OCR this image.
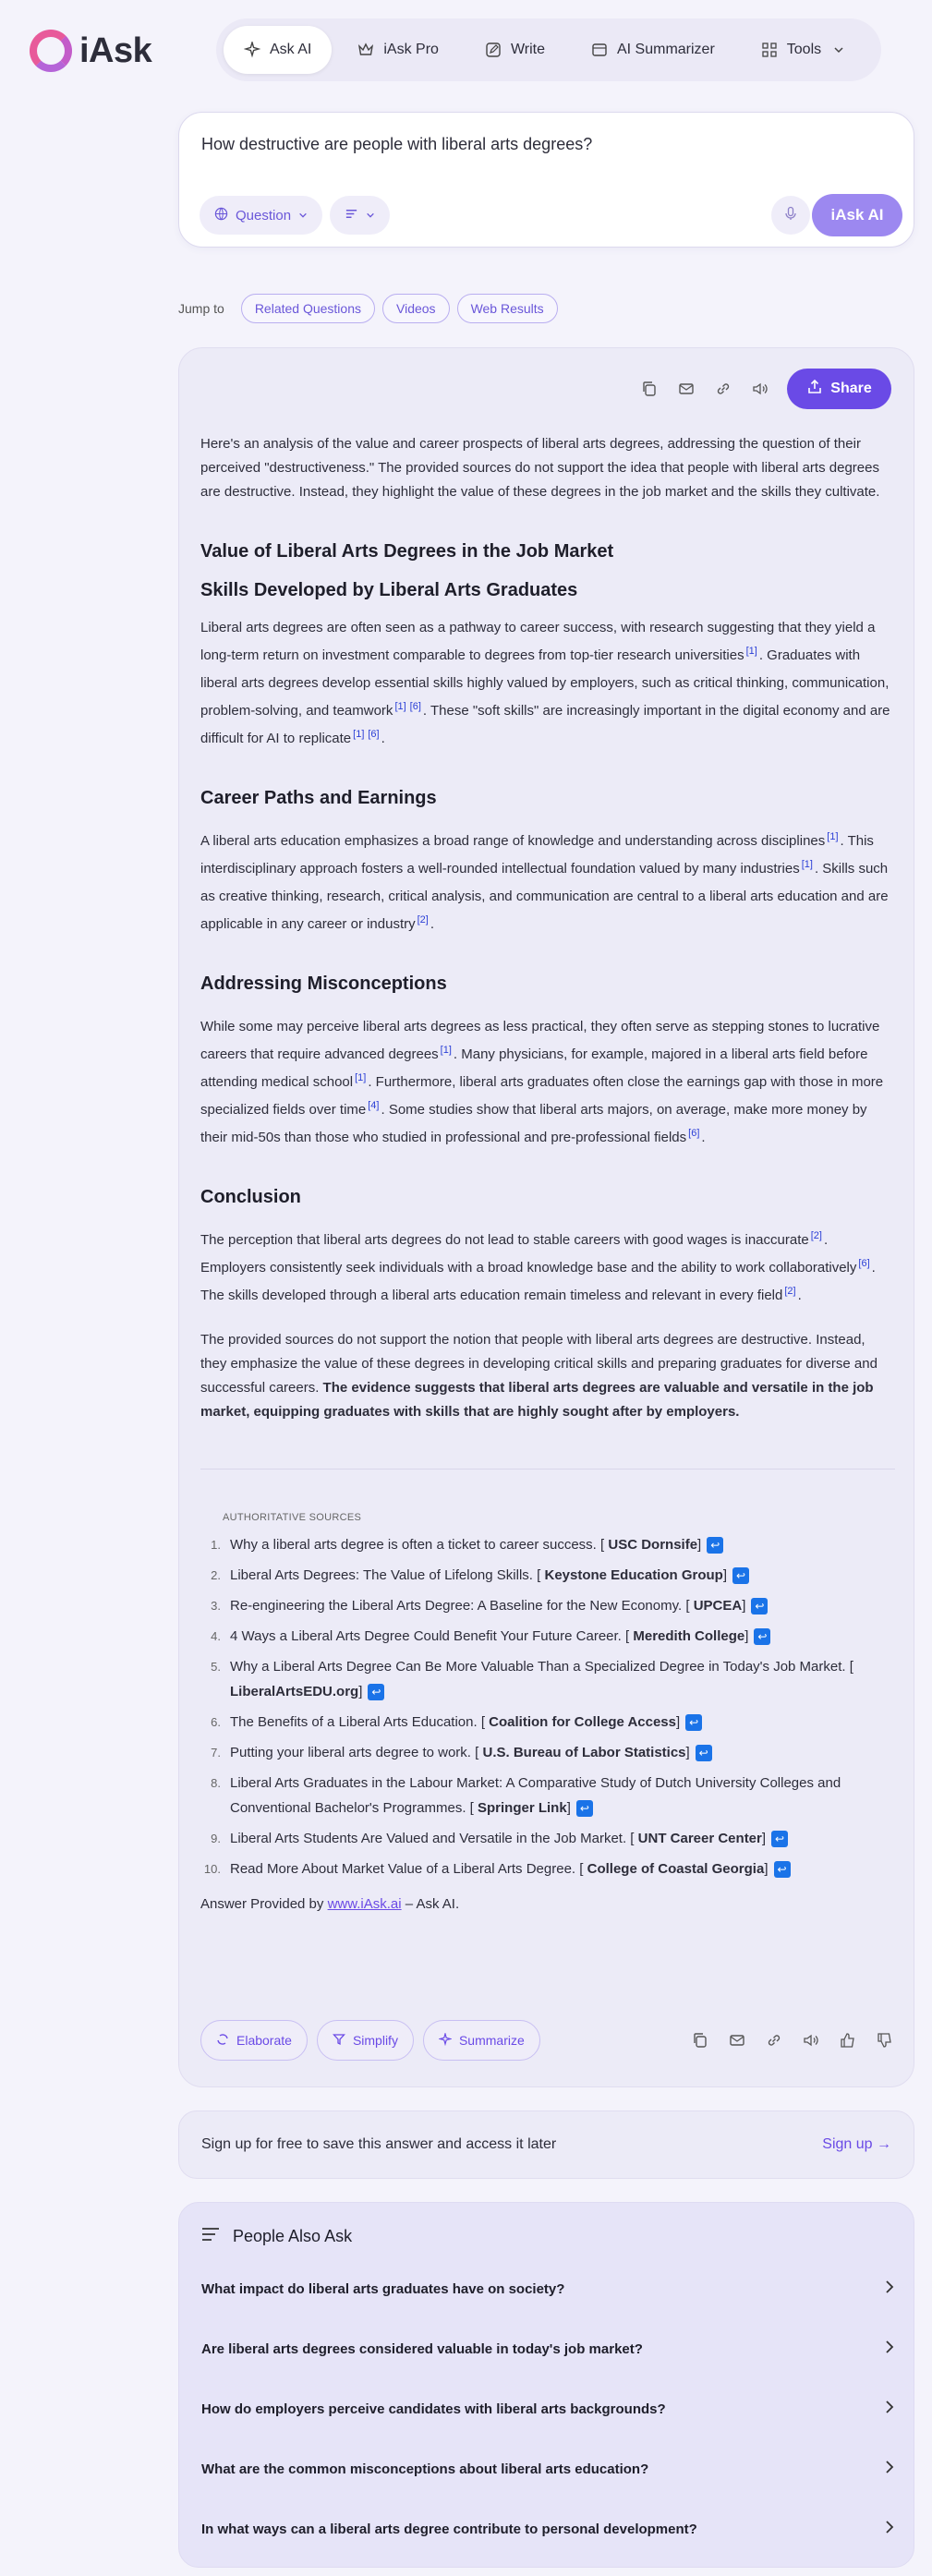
iAsk	Ask AI	iAsk Pro	Write	AI Summarizer	Tools
How destructive are people with liberal arts degrees?
Question	iAsk AI
Jump to	Related Questions	Videos	Web Results
Share

Here's an analysis of the value and career prospects of liberal arts degrees, addressing the question of their perceived "destructiveness." The provided sources do not support the idea that people with liberal arts degrees are destructive. Instead, they highlight the value of these degrees in the job market and the skills they cultivate.

Value of Liberal Arts Degrees in the Job Market
Skills Developed by Liberal Arts Graduates

Liberal arts degrees are often seen as a pathway to career success, with research suggesting that they yield a long-term return on investment comparable to degrees from top-tier research universities [1] . Graduates with liberal arts degrees develop essential skills highly valued by employers, such as critical thinking, communication, problem-solving, and teamwork [1] [6] . These "soft skills" are increasingly important in the digital economy and are difficult for AI to replicate [1] [6] .

Career Paths and Earnings

A liberal arts education emphasizes a broad range of knowledge and understanding across disciplines [1] . This interdisciplinary approach fosters a well-rounded intellectual foundation valued by many industries [1] . Skills such as creative thinking, research, critical analysis, and communication are central to a liberal arts education and are applicable in any career or industry [2] .

Addressing Misconceptions

While some may perceive liberal arts degrees as less practical, they often serve as stepping stones to lucrative careers that require advanced degrees [1] . Many physicians, for example, majored in a liberal arts field before attending medical school [1] . Furthermore, liberal arts graduates often close the earnings gap with those in more specialized fields over time [4] . Some studies show that liberal arts majors, on average, make more money by their mid-50s than those who studied in professional and pre-professional fields [6] .

Conclusion

The perception that liberal arts degrees do not lead to stable careers with good wages is inaccurate [2] . Employers consistently seek individuals with a broad knowledge base and the ability to work collaboratively [6] . The skills developed through a liberal arts education remain timeless and relevant in every field [2] .

The provided sources do not support the notion that people with liberal arts degrees are destructive. Instead, they emphasize the value of these degrees in developing critical skills and preparing graduates for diverse and successful careers. The evidence suggests that liberal arts degrees are valuable and versatile in the job market, equipping graduates with skills that are highly sought after by employers.

AUTHORITATIVE SOURCES
1. Why a liberal arts degree is often a ticket to career success. [ USC Dornsife] ↩
2. Liberal Arts Degrees: The Value of Lifelong Skills. [ Keystone Education Group] ↩
3. Re-engineering the Liberal Arts Degree: A Baseline for the New Economy. [ UPCEA] ↩
4. 4 Ways a Liberal Arts Degree Could Benefit Your Future Career. [ Meredith College] ↩
5. Why a Liberal Arts Degree Can Be More Valuable Than a Specialized Degree in Today's Job Market. [ LiberalArtsEDU.org] ↩
6. The Benefits of a Liberal Arts Education. [ Coalition for College Access] ↩
7. Putting your liberal arts degree to work. [ U.S. Bureau of Labor Statistics] ↩
8. Liberal Arts Graduates in the Labour Market: A Comparative Study of Dutch University Colleges and Conventional Bachelor's Programmes. [ Springer Link] ↩
9. Liberal Arts Students Are Valued and Versatile in the Job Market. [ UNT Career Center] ↩
10. Read More About Market Value of a Liberal Arts Degree. [ College of Coastal Georgia] ↩

Answer Provided by www.iAsk.ai – Ask AI.

Elaborate	Simplify	Summarize
Sign up for free to save this answer and access it later	Sign up →
People Also Ask
What impact do liberal arts graduates have on society?
Are liberal arts degrees considered valuable in today's job market?
How do employers perceive candidates with liberal arts backgrounds?
What are the common misconceptions about liberal arts education?
In what ways can a liberal arts degree contribute to personal development?
